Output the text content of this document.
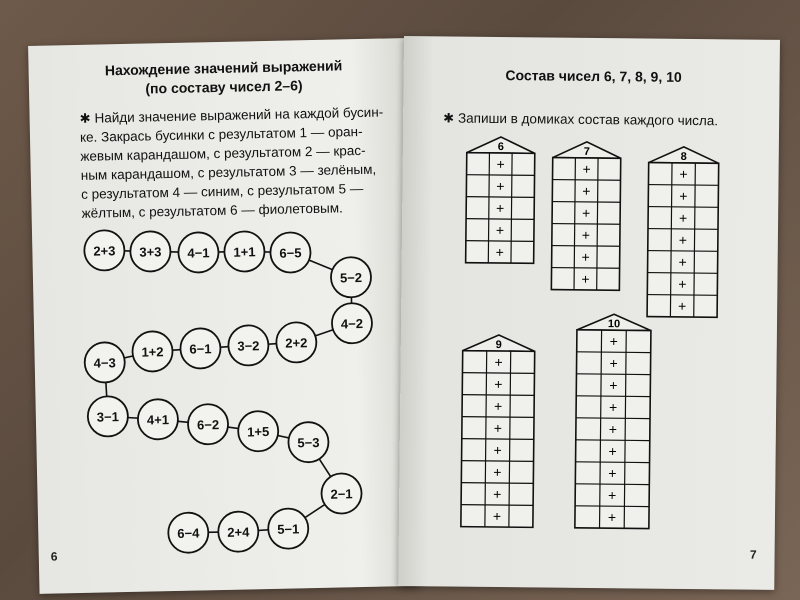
Нахождение значений выражений
(по составу чисел 2–6)
✱ Найди значение выражений на каждой бусин-
ке. Закрась бусинки с результатом 1 — оран-
жевым карандашом, с результатом 2 — крас-
ным карандашом, с результатом 3 — зелёным,
с результатом 4 — синим, с результатом 5 —
жёлтым, с результатом 6 — фиолетовым.
2+3 3+3 4−1 1+1 6−5
5−2
4−2
2+2
3−2
6−1
1+2
4−3
3−1 4+1 6−2 1+5
5−3
2−1
5−1
2+4
6−4
6
Состав чисел 6, 7, 8, 9, 10
✱ Запиши в домиках состав каждого числа.
6
+
+
+
+
+
7
+
+
+
+
+
+
8
+
+
+
+
+
+
+
9
+
+
+
+
+
+
+
+
10
+
+
+
+
+
+
+
+
+
7
